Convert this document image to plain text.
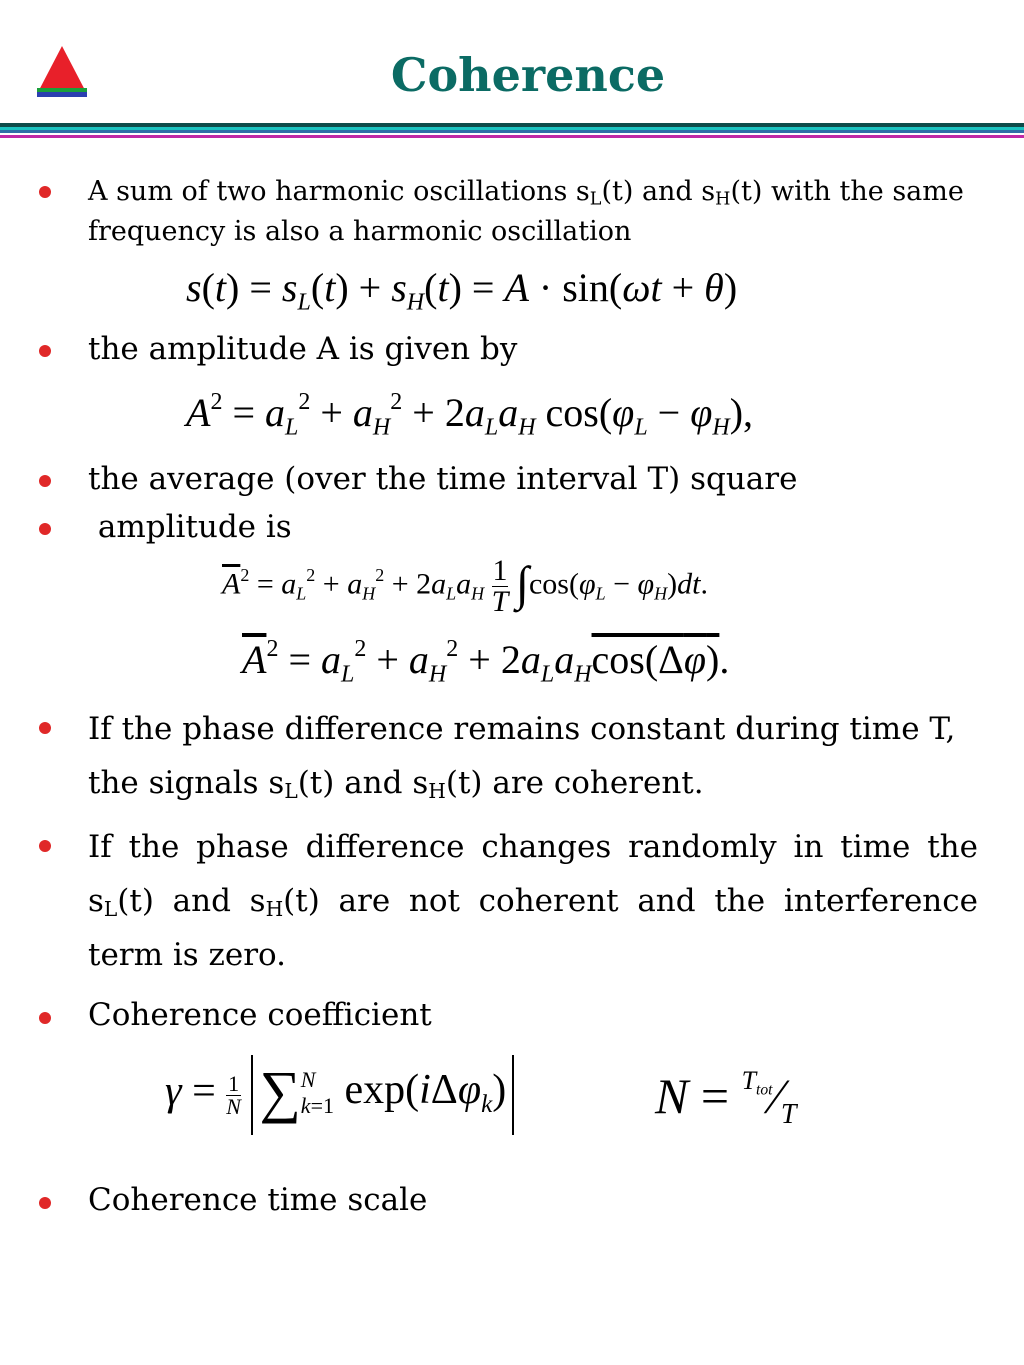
Coherence
A sum of two harmonic oscillations $s_L(t)$ and $s_H(t)$ with the same frequency is also a harmonic oscillation
$s(t) = s_L(t) + s_H(t) = A \cdot \sin(\omega t + \theta)$
the amplitude A is given by
$A^2 = a_L^2 + a_H^2 + 2a_La_H$ $\cos(\varphi_L - \varphi_H)$,
the average (over the time interval T) square
amplitude is
$\overline{A}^2 = a_L^2 + a_H^2 + 2a_La_H \frac{1}{T} \int\cos(\varphi_L - \varphi_H)dt$.
$\overline{A}^2 = a_L^2 + a_H^2 + 2a_La_H\cos(\Delta\varphi)$.
If the phase difference remains constant during time T, the signals $s_L(t)$ and $s_H(t)$ are coherent.
If the phase difference changes randomly in time the $s_L(t)$ and $s_H(t)$ are not coherent and the interference term is zero.
Coherence coefficient
$\gamma = \frac{1}{N}$ ∑ N
k=1 exp(iΔφ$_k$)	$N = ^{T_{tot}}⁄_T$
Coherence time scale
